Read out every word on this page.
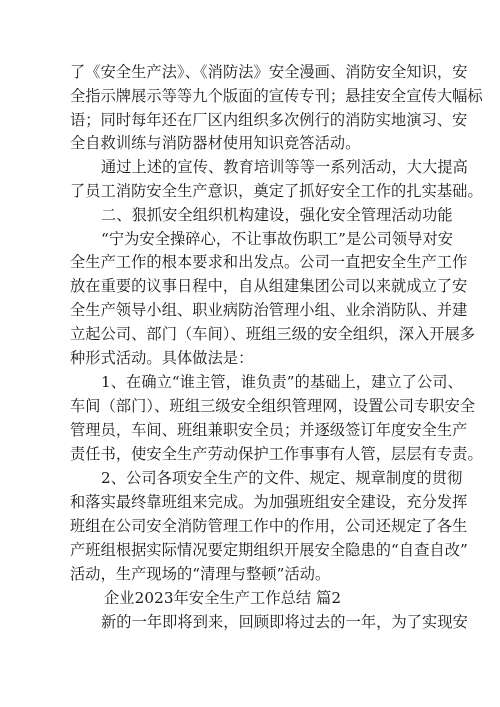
了《安全生产法》、《消防法》安全漫画、消防安全知识，安
全指示牌展示等等九个版面的宣传专刊；悬挂安全宣传大幅标
语；同时每年还在厂区内组织多次例行的消防实地演习、安
全自救训练与消防器材使用知识竞答活动。
通过上述的宣传、教育培训等等一系列活动，大大提高
了员工消防安全生产意识，奠定了抓好安全工作的扎实基础。
二、狠抓安全组织机构建设，强化安全管理活动功能
“宁为安全操碎心，不让事故伤职工”是公司领导对安
全生产工作的根本要求和出发点。公司一直把安全生产工作
放在重要的议事日程中，自从组建集团公司以来就成立了安
全生产领导小组、职业病防治管理小组、业余消防队、并建
立起公司、部门（车间）、班组三级的安全组织，深入开展多
种形式活动。具体做法是：
1、在确立“谁主管，谁负责”的基础上，建立了公司、
车间（部门）、班组三级安全组织管理网，设置公司专职安全
管理员，车间、班组兼职安全员；并逐级签订年度安全生产
责任书，使安全生产劳动保护工作事事有人管，层层有专责。
2、公司各项安全生产的文件、规定、规章制度的贯彻
和落实最终靠班组来完成。为加强班组安全建设，充分发挥
班组在公司安全消防管理工作中的作用，公司还规定了各生
产班组根据实际情况要定期组织开展安全隐患的“自查自改”
活动，生产现场的“清理与整顿”活动。
企业2023年安全生产工作总结 篇2
新的一年即将到来，回顾即将过去的一年，为了实现安
